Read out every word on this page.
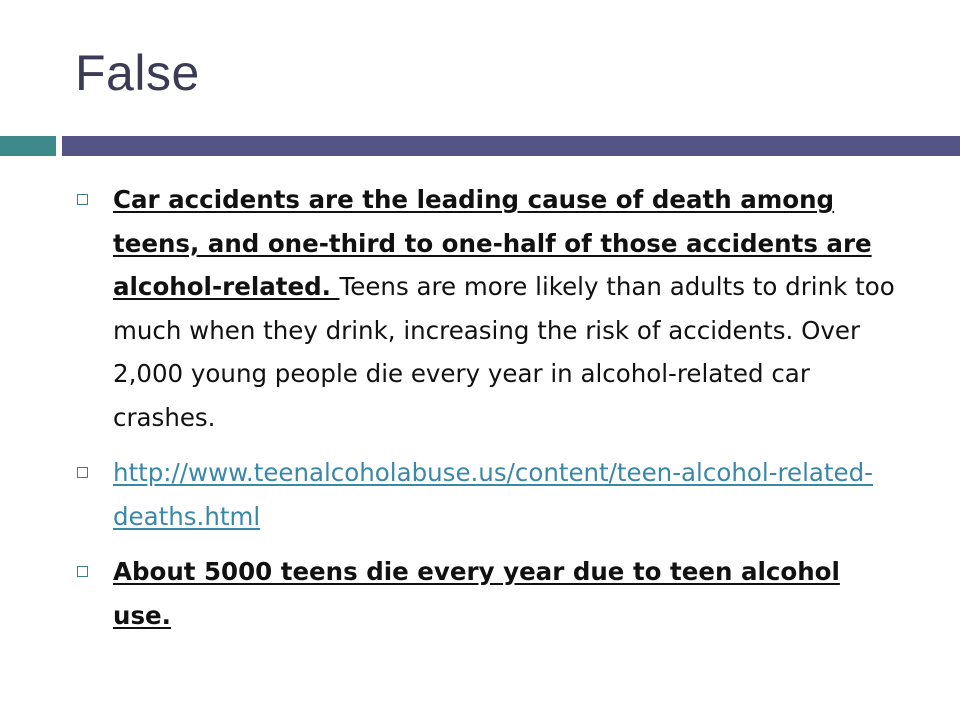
False
Car accidents are the leading cause of death among teens, and one-third to one-half of those accidents are alcohol-related. Teens are more likely than adults to drink too much when they drink, increasing the risk of accidents. Over 2,000 young people die every year in alcohol-related car crashes.
http://www.teenalcoholabuse.us/content/teen-alcohol-related-deaths.html
About 5000 teens die every year due to teen alcohol use.
